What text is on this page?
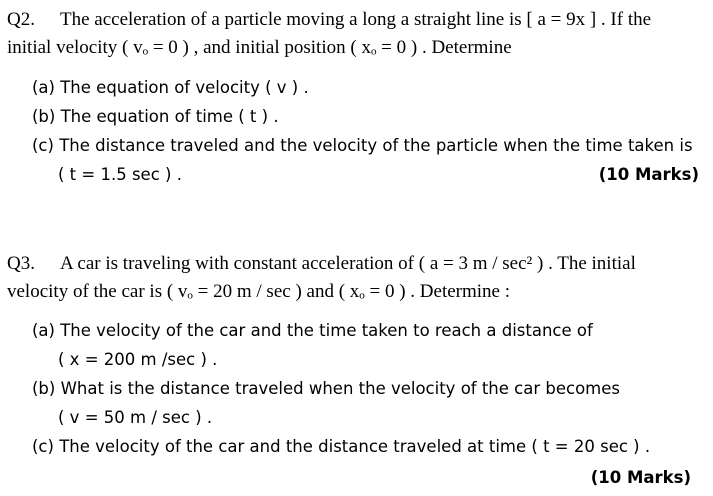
Q2. The acceleration of a particle moving a long a straight line is [ a = 9x ] . If the
initial velocity ( vₒ = 0 ) , and initial position ( xₒ = 0 ) . Determine
(a) The equation of velocity ( v ) .
(b) The equation of time ( t ) .
(c) The distance traveled and the velocity of the particle when the time taken is
( t = 1.5 sec ) .	(10 Marks)
Q3. A car is traveling with constant acceleration of ( a = 3 m / sec² ) . The initial
velocity of the car is ( vₒ = 20 m / sec ) and ( xₒ = 0 ) . Determine :
(a) The velocity of the car and the time taken to reach a distance of
( x = 200 m /sec ) .
(b) What is the distance traveled when the velocity of the car becomes
( v = 50 m / sec ) .
(c) The velocity of the car and the distance traveled at time ( t = 20 sec ) .
(10 Marks)
